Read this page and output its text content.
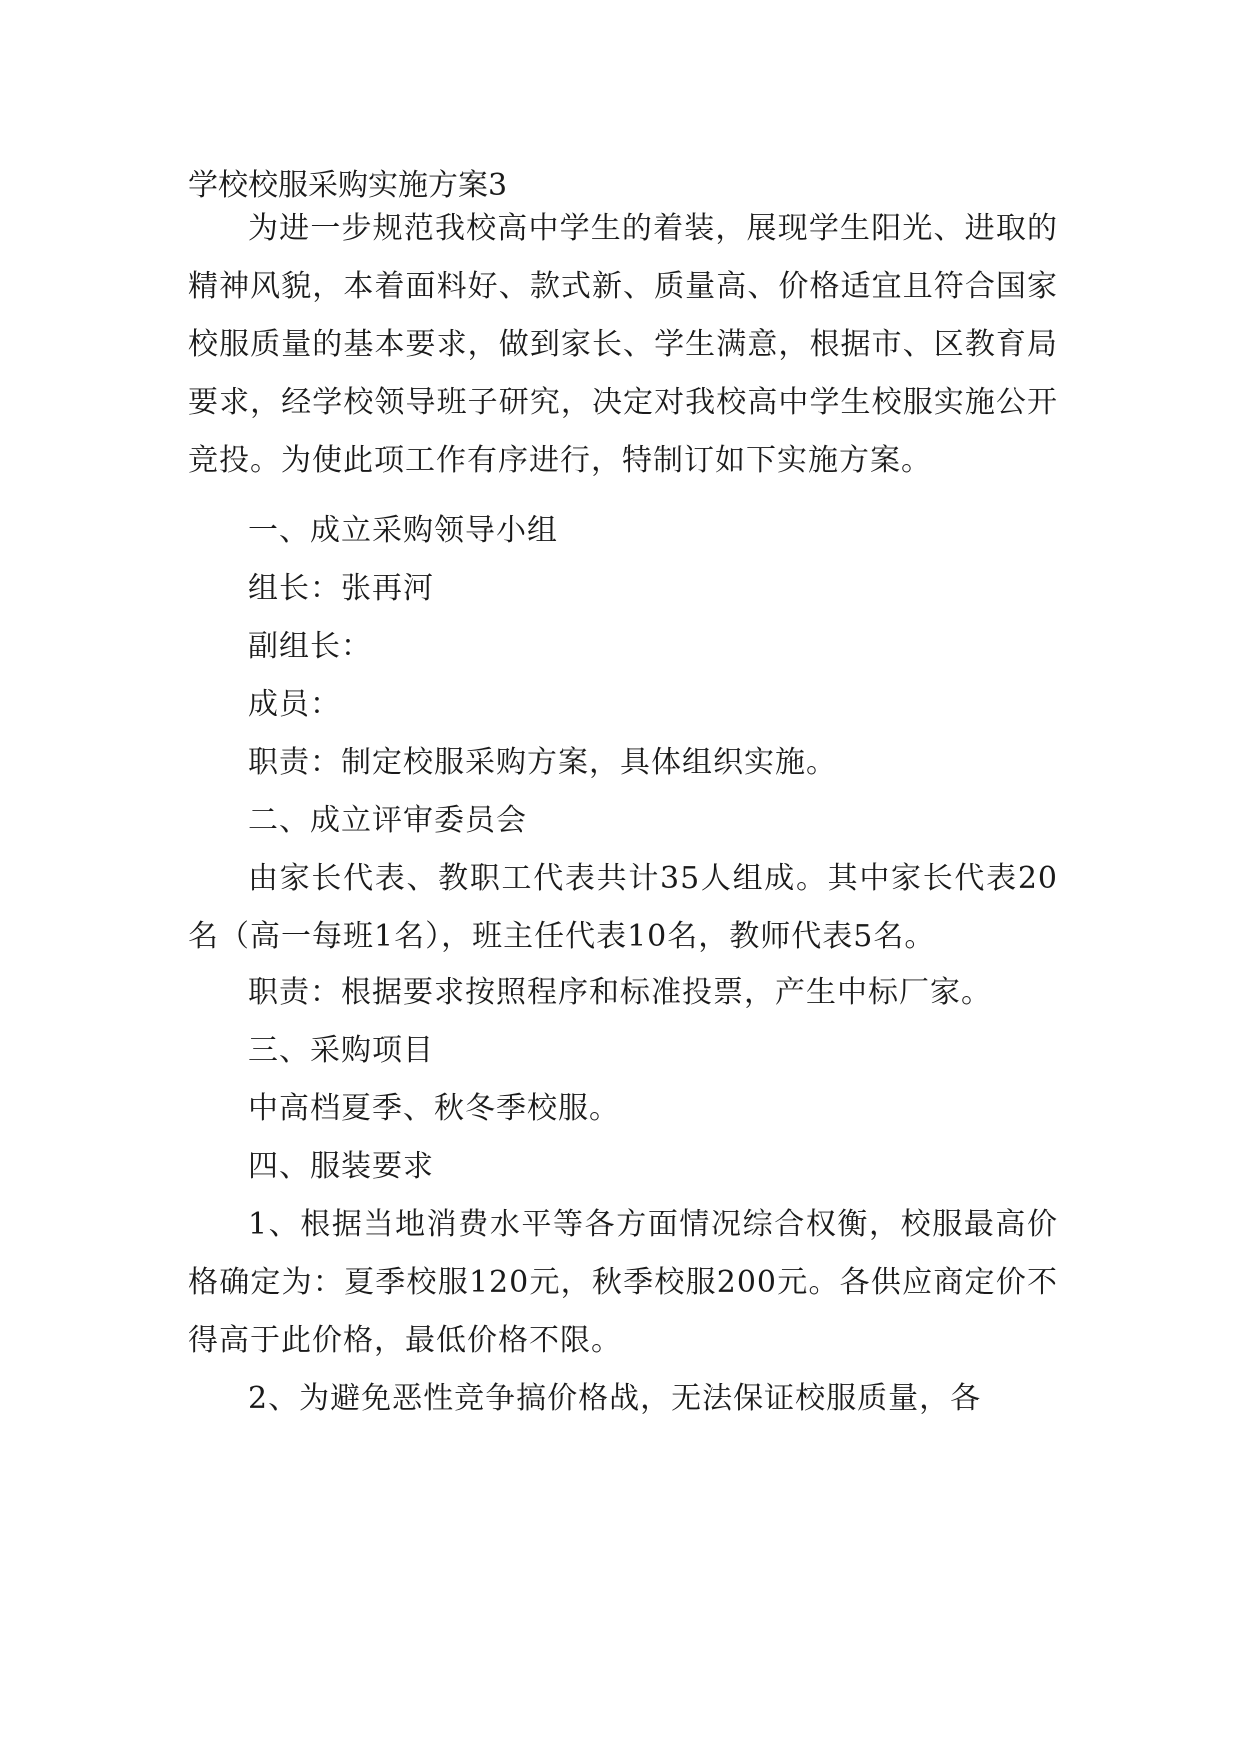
学校校服采购实施方案3

为进一步规范我校高中学生的着装，展现学生阳光、进取的精神风貌，本着面料好、款式新、质量高、价格适宜且符合国家校服质量的基本要求，做到家长、学生满意，根据市、区教育局要求，经学校领导班子研究，决定对我校高中学生校服实施公开竞投。为使此项工作有序进行，特制订如下实施方案。

一、成立采购领导小组

组长：张再河

副组长：

成员：

职责：制定校服采购方案，具体组织实施。

二、成立评审委员会

由家长代表、教职工代表共计35人组成。其中家长代表20名（高一每班1名），班主任代表10名，教师代表5名。

职责：根据要求按照程序和标准投票，产生中标厂家。

三、采购项目

中高档夏季、秋冬季校服。

四、服装要求

1、根据当地消费水平等各方面情况综合权衡，校服最高价格确定为：夏季校服120元，秋季校服200元。各供应商定价不得高于此价格，最低价格不限。

2、为避免恶性竞争搞价格战，无法保证校服质量，各
